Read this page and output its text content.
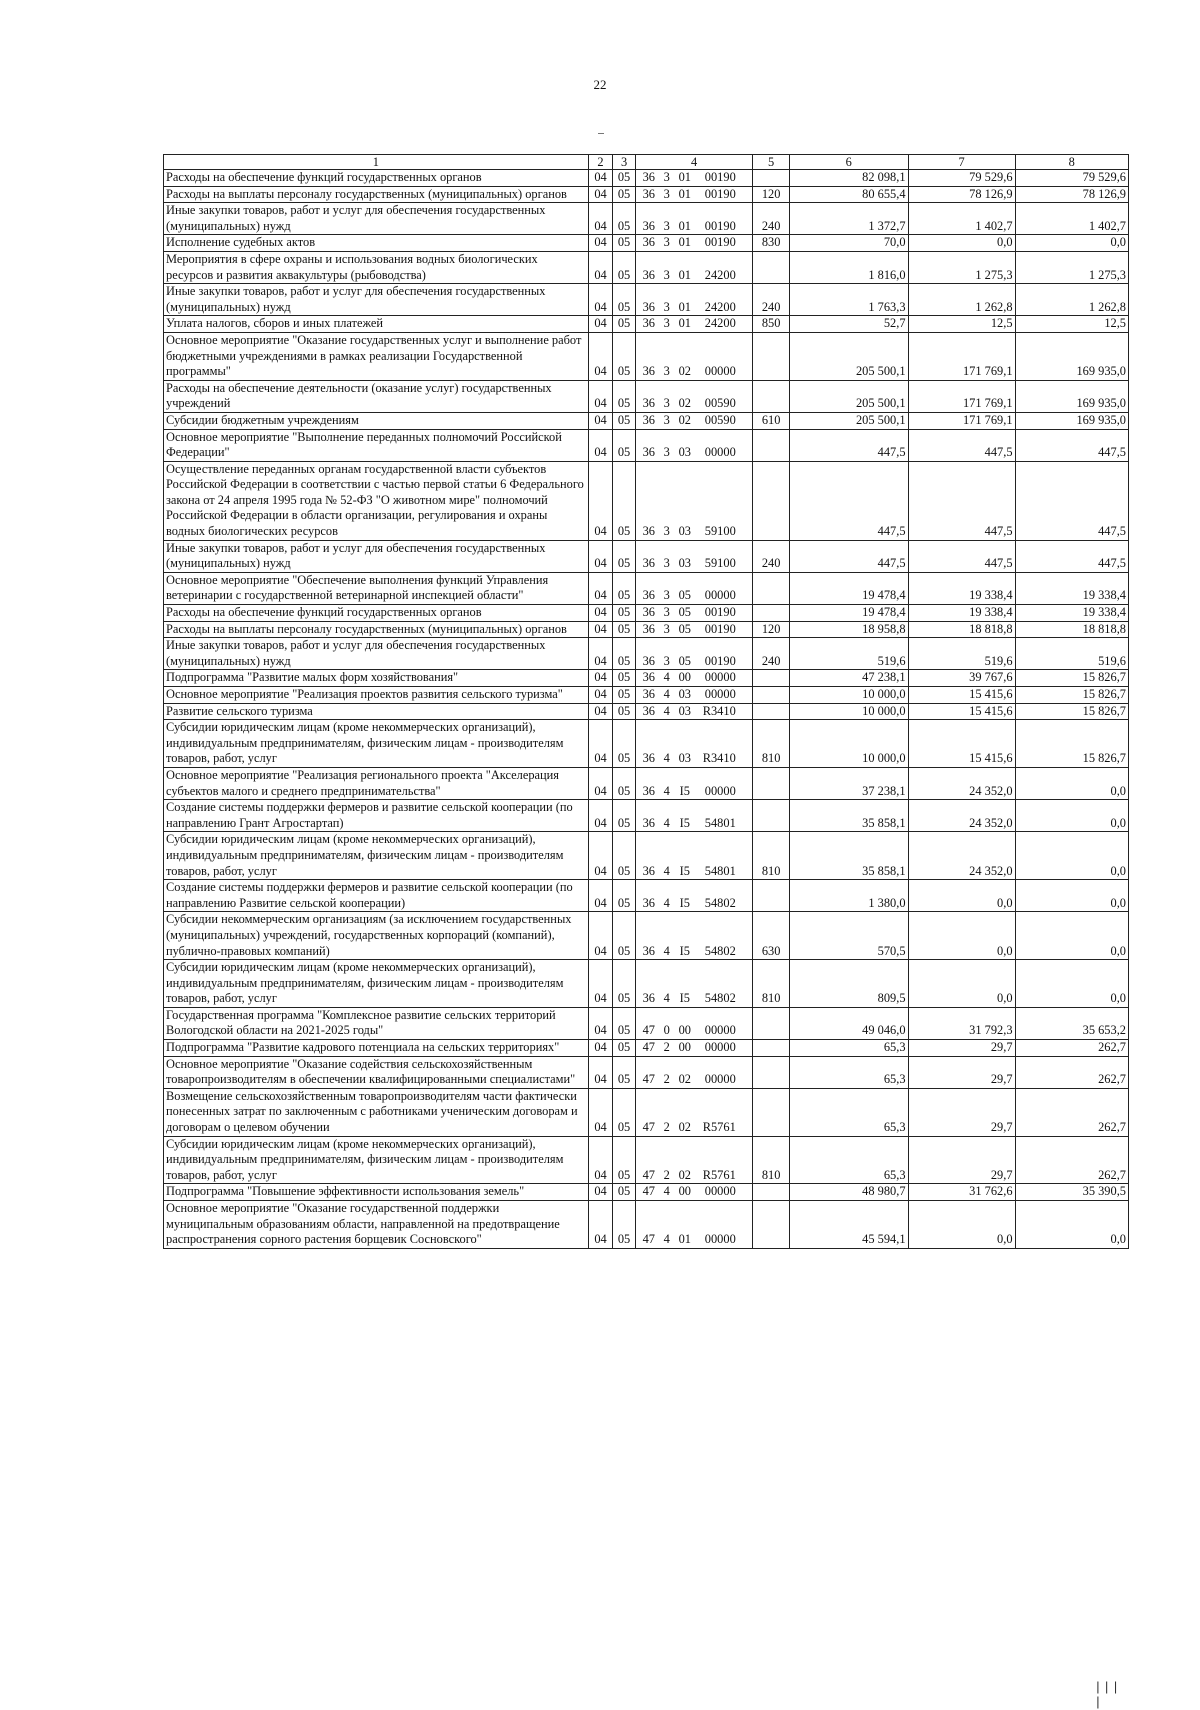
22
1	2	3	4	5	6	7	8
Расходы на обеспечение функций государственных органов	04	05	36 3 01 00190		82 098,1	79 529,6	79 529,6
Расходы на выплаты персоналу государственных (муниципальных) органов	04	05	36 3 01 00190	120	80 655,4	78 126,9	78 126,9
Иные закупки товаров, работ и услуг для обеспечения государственных (муниципальных) нужд	04	05	36 3 01 00190	240	1 372,7	1 402,7	1 402,7
Исполнение судебных актов	04	05	36 3 01 00190	830	70,0	0,0	0,0
Мероприятия в сфере охраны и использования водных биологических ресурсов и развития аквакультуры (рыбоводства)	04	05	36 3 01 24200		1 816,0	1 275,3	1 275,3
Иные закупки товаров, работ и услуг для обеспечения государственных (муниципальных) нужд	04	05	36 3 01 24200	240	1 763,3	1 262,8	1 262,8
Уплата налогов, сборов и иных платежей	04	05	36 3 01 24200	850	52,7	12,5	12,5
Основное мероприятие "Оказание государственных услуг и выполнение работ бюджетными учреждениями в рамках реализации Государственной программы"	04	05	36 3 02 00000		205 500,1	171 769,1	169 935,0
Расходы на обеспечение деятельности (оказание услуг) государственных учреждений	04	05	36 3 02 00590		205 500,1	171 769,1	169 935,0
Субсидии бюджетным учреждениям	04	05	36 3 02 00590	610	205 500,1	171 769,1	169 935,0
Основное мероприятие "Выполнение переданных полномочий Российской Федерации"	04	05	36 3 03 00000		447,5	447,5	447,5
Осуществление переданных органам государственной власти субъектов Российской Федерации в соответствии с частью первой статьи 6 Федерального закона от 24 апреля 1995 года № 52-ФЗ "О животном мире" полномочий Российской Федерации в области организации, регулирования и охраны водных биологических ресурсов	04	05	36 3 03 59100		447,5	447,5	447,5
Иные закупки товаров, работ и услуг для обеспечения государственных (муниципальных) нужд	04	05	36 3 03 59100	240	447,5	447,5	447,5
Основное мероприятие "Обеспечение выполнения функций Управления ветеринарии с государственной ветеринарной инспекцией области"	04	05	36 3 05 00000		19 478,4	19 338,4	19 338,4
Расходы на обеспечение функций государственных органов	04	05	36 3 05 00190		19 478,4	19 338,4	19 338,4
Расходы на выплаты персоналу государственных (муниципальных) органов	04	05	36 3 05 00190	120	18 958,8	18 818,8	18 818,8
Иные закупки товаров, работ и услуг для обеспечения государственных (муниципальных) нужд	04	05	36 3 05 00190	240	519,6	519,6	519,6
Подпрограмма "Развитие малых форм хозяйствования"	04	05	36 4 00 00000		47 238,1	39 767,6	15 826,7
Основное мероприятие "Реализация проектов развития сельского туризма"	04	05	36 4 03 00000		10 000,0	15 415,6	15 826,7
Развитие сельского туризма	04	05	36 4 03 R3410		10 000,0	15 415,6	15 826,7
Субсидии юридическим лицам (кроме некоммерческих организаций), индивидуальным предпринимателям, физическим лицам - производителям товаров, работ, услуг	04	05	36 4 03 R3410	810	10 000,0	15 415,6	15 826,7
Основное мероприятие "Реализация регионального проекта "Акселерация субъектов малого и среднего предпринимательства"	04	05	36 4 I5 00000		37 238,1	24 352,0	0,0
Создание системы поддержки фермеров и развитие сельской кооперации (по направлению Грант Агростартап)	04	05	36 4 I5 54801		35 858,1	24 352,0	0,0
Субсидии юридическим лицам (кроме некоммерческих организаций), индивидуальным предпринимателям, физическим лицам - производителям товаров, работ, услуг	04	05	36 4 I5 54801	810	35 858,1	24 352,0	0,0
Создание системы поддержки фермеров и развитие сельской кооперации (по направлению Развитие сельской кооперации)	04	05	36 4 I5 54802		1 380,0	0,0	0,0
Субсидии некоммерческим организациям (за исключением государственных (муниципальных) учреждений, государственных корпораций (компаний), публично-правовых компаний)	04	05	36 4 I5 54802	630	570,5	0,0	0,0
Субсидии юридическим лицам (кроме некоммерческих организаций), индивидуальным предпринимателям, физическим лицам - производителям товаров, работ, услуг	04	05	36 4 I5 54802	810	809,5	0,0	0,0
Государственная программа "Комплексное развитие сельских территорий Вологодской области на 2021-2025 годы"	04	05	47 0 00 00000		49 046,0	31 792,3	35 653,2
Подпрограмма "Развитие кадрового потенциала на сельских территориях"	04	05	47 2 00 00000		65,3	29,7	262,7
Основное мероприятие "Оказание содействия сельскохозяйственным товаропроизводителям в обеспечении квалифицированными специалистами"	04	05	47 2 02 00000		65,3	29,7	262,7
Возмещение сельскохозяйственным товаропроизводителям части фактически понесенных затрат по заключенным с работниками ученическим договорам и договорам о целевом обучении	04	05	47 2 02 R5761		65,3	29,7	262,7
Субсидии юридическим лицам (кроме некоммерческих организаций), индивидуальным предпринимателям, физическим лицам - производителям товаров, работ, услуг	04	05	47 2 02 R5761	810	65,3	29,7	262,7
Подпрограмма "Повышение эффективности использования земель"	04	05	47 4 00 00000		48 980,7	31 762,6	35 390,5
Основное мероприятие "Оказание государственной поддержки муниципальным образованиям области, направленной на предотвращение распространения сорного растения борщевик Сосновского"	04	05	47 4 01 00000		45 594,1	0,0	0,0
|||          |
